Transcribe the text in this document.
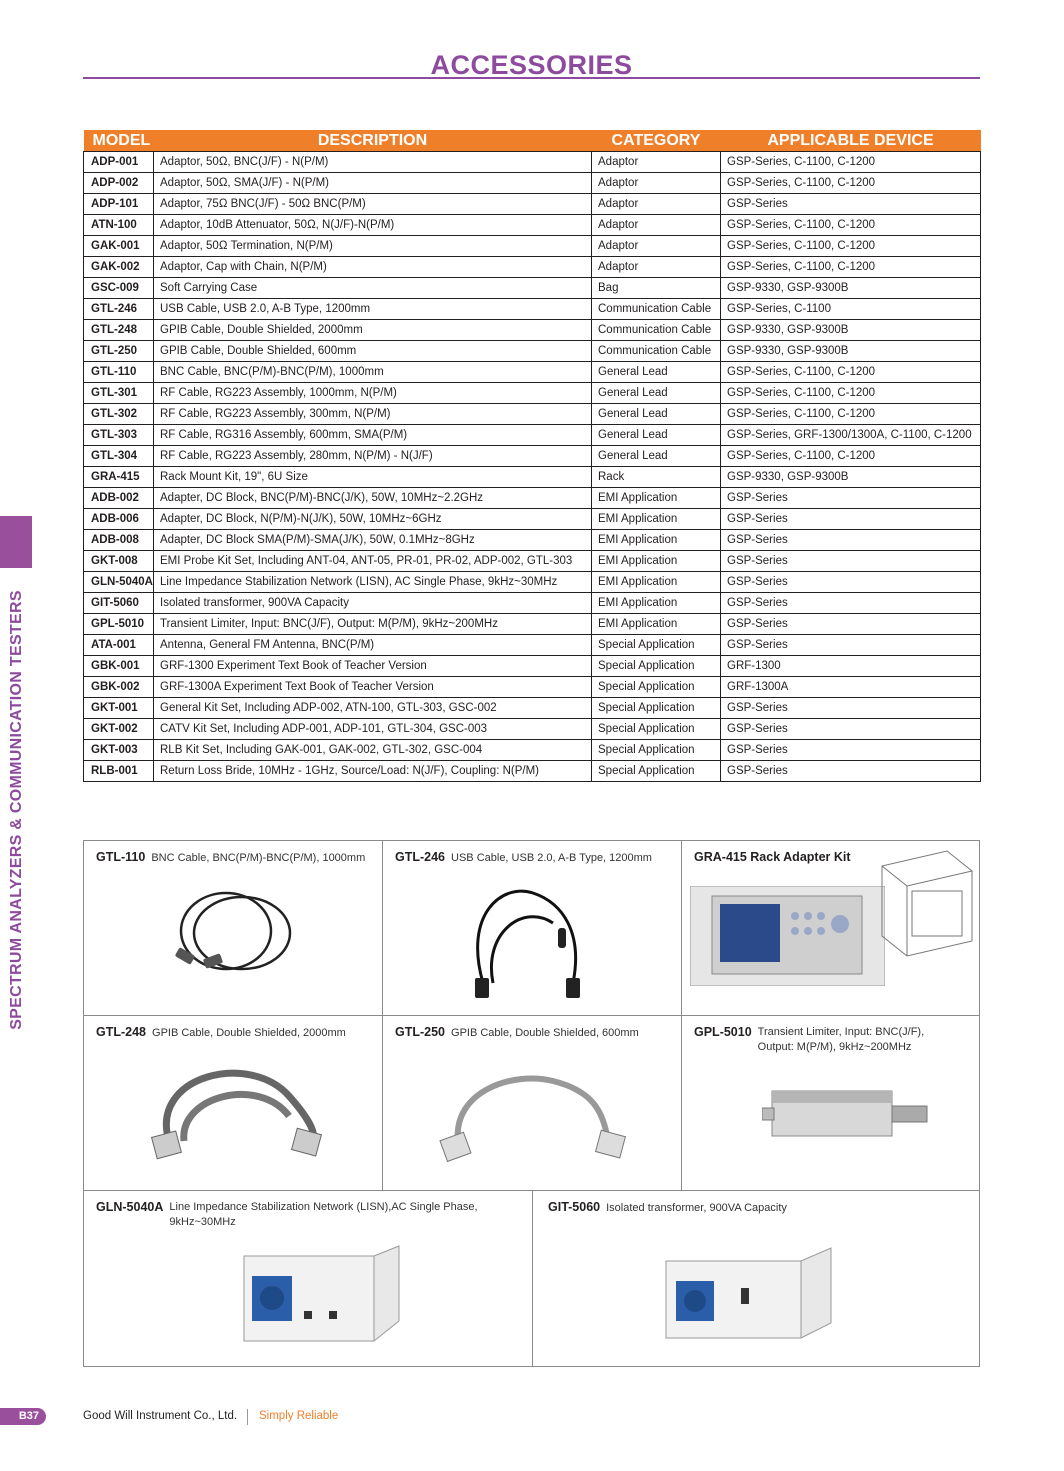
ACCESSORIES
SPECTRUM ANALYZERS & COMMUNICATION TESTERS
MODEL	DESCRIPTION	CATEGORY	APPLICABLE DEVICE
ADP-001	Adaptor, 50Ω, BNC(J/F) - N(P/M)	Adaptor	GSP-Series, C-1100, C-1200
ADP-002	Adaptor, 50Ω, SMA(J/F) - N(P/M)	Adaptor	GSP-Series, C-1100, C-1200
ADP-101	Adaptor, 75Ω BNC(J/F) - 50Ω BNC(P/M)	Adaptor	GSP-Series
ATN-100	Adaptor, 10dB Attenuator, 50Ω, N(J/F)-N(P/M)	Adaptor	GSP-Series, C-1100, C-1200
GAK-001	Adaptor, 50Ω Termination, N(P/M)	Adaptor	GSP-Series, C-1100, C-1200
GAK-002	Adaptor, Cap with Chain, N(P/M)	Adaptor	GSP-Series, C-1100, C-1200
GSC-009	Soft Carrying Case	Bag	GSP-9330, GSP-9300B
GTL-246	USB Cable, USB 2.0, A-B Type, 1200mm	Communication Cable	GSP-Series, C-1100
GTL-248	GPIB Cable, Double Shielded, 2000mm	Communication Cable	GSP-9330, GSP-9300B
GTL-250	GPIB Cable, Double Shielded, 600mm	Communication Cable	GSP-9330, GSP-9300B
GTL-110	BNC Cable, BNC(P/M)-BNC(P/M), 1000mm	General Lead	GSP-Series, C-1100, C-1200
GTL-301	RF Cable, RG223 Assembly, 1000mm, N(P/M)	General Lead	GSP-Series, C-1100, C-1200
GTL-302	RF Cable, RG223 Assembly, 300mm, N(P/M)	General Lead	GSP-Series, C-1100, C-1200
GTL-303	RF Cable, RG316 Assembly, 600mm, SMA(P/M)	General Lead	GSP-Series, GRF-1300/1300A, C-1100, C-1200
GTL-304	RF Cable, RG223 Assembly, 280mm, N(P/M) - N(J/F)	General Lead	GSP-Series, C-1100, C-1200
GRA-415	Rack Mount Kit, 19", 6U Size	Rack	GSP-9330, GSP-9300B
ADB-002	Adapter, DC Block, BNC(P/M)-BNC(J/K), 50W, 10MHz~2.2GHz	EMI Application	GSP-Series
ADB-006	Adapter, DC Block, N(P/M)-N(J/K), 50W, 10MHz~6GHz	EMI Application	GSP-Series
ADB-008	Adapter, DC Block SMA(P/M)-SMA(J/K), 50W, 0.1MHz~8GHz	EMI Application	GSP-Series
GKT-008	EMI Probe Kit Set, Including ANT-04, ANT-05, PR-01, PR-02, ADP-002, GTL-303	EMI Application	GSP-Series
GLN-5040A	Line Impedance Stabilization Network (LISN), AC Single Phase, 9kHz~30MHz	EMI Application	GSP-Series
GIT-5060	Isolated transformer, 900VA Capacity	EMI Application	GSP-Series
GPL-5010	Transient Limiter, Input: BNC(J/F), Output: M(P/M), 9kHz~200MHz	EMI Application	GSP-Series
ATA-001	Antenna, General FM Antenna, BNC(P/M)	Special Application	GSP-Series
GBK-001	GRF-1300 Experiment Text Book of Teacher Version	Special Application	GRF-1300
GBK-002	GRF-1300A Experiment Text Book of Teacher Version	Special Application	GRF-1300A
GKT-001	General Kit Set, Including ADP-002, ATN-100, GTL-303, GSC-002	Special Application	GSP-Series
GKT-002	CATV Kit Set, Including ADP-001, ADP-101, GTL-304, GSC-003	Special Application	GSP-Series
GKT-003	RLB Kit Set, Including GAK-001, GAK-002, GTL-302, GSC-004	Special Application	GSP-Series
RLB-001	Return Loss Bride, 10MHz - 1GHz, Source/Load: N(J/F), Coupling: N(P/M)	Special Application	GSP-Series
GTL-110 BNC Cable, BNC(P/M)-BNC(P/M), 1000mm GTL-246 USB Cable, USB 2.0, A-B Type, 1200mm	GRA-415 Rack Adapter Kit
GTL-248 GPIB Cable, Double Shielded, 2000mm	GTL-250 GPIB Cable, Double Shielded, 600mm	GPL-5010 Transient Limiter, Input: BNC(J/F),
Output: M(P/M), 9kHz~200MHz
GLN-5040A Line Impedance Stabilization Network (LISN),AC Single Phase,
9kHz~30MHz
GIT-5060 Isolated transformer, 900VA Capacity
B37	Good Will Instrument Co., Ltd. Simply Reliable
